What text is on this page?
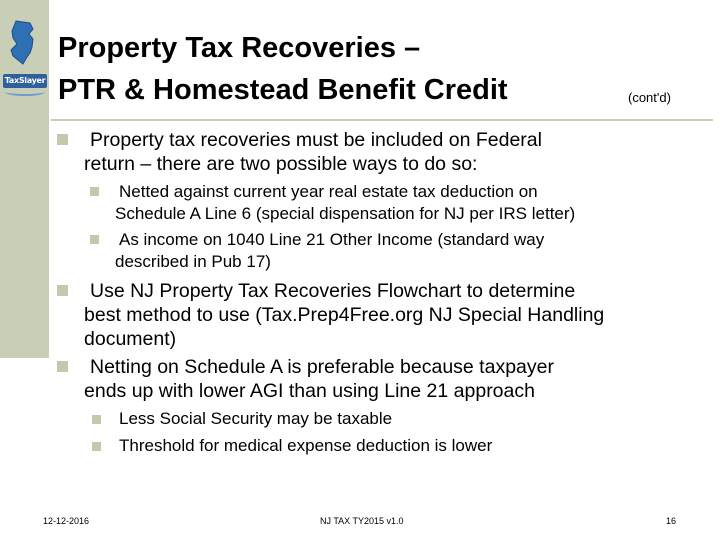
TaxSlayer
Property Tax Recoveries –
PTR & Homestead Benefit Credit	(cont'd)
Property tax recoveries must be included on Federal
return – there are two possible ways to do so:
Netted against current year real estate tax deduction on
Schedule A Line 6 (special dispensation for NJ per IRS letter)
As income on 1040 Line 21 Other Income (standard way
described in Pub 17)
Use NJ Property Tax Recoveries Flowchart to determine
best method to use (Tax.Prep4Free.org NJ Special Handling
document)
Netting on Schedule A is preferable because taxpayer
ends up with lower AGI than using Line 21 approach
Less Social Security may be taxable
Threshold for medical expense deduction is lower
12-12-2016	NJ TAX TY2015 v1.0	16
